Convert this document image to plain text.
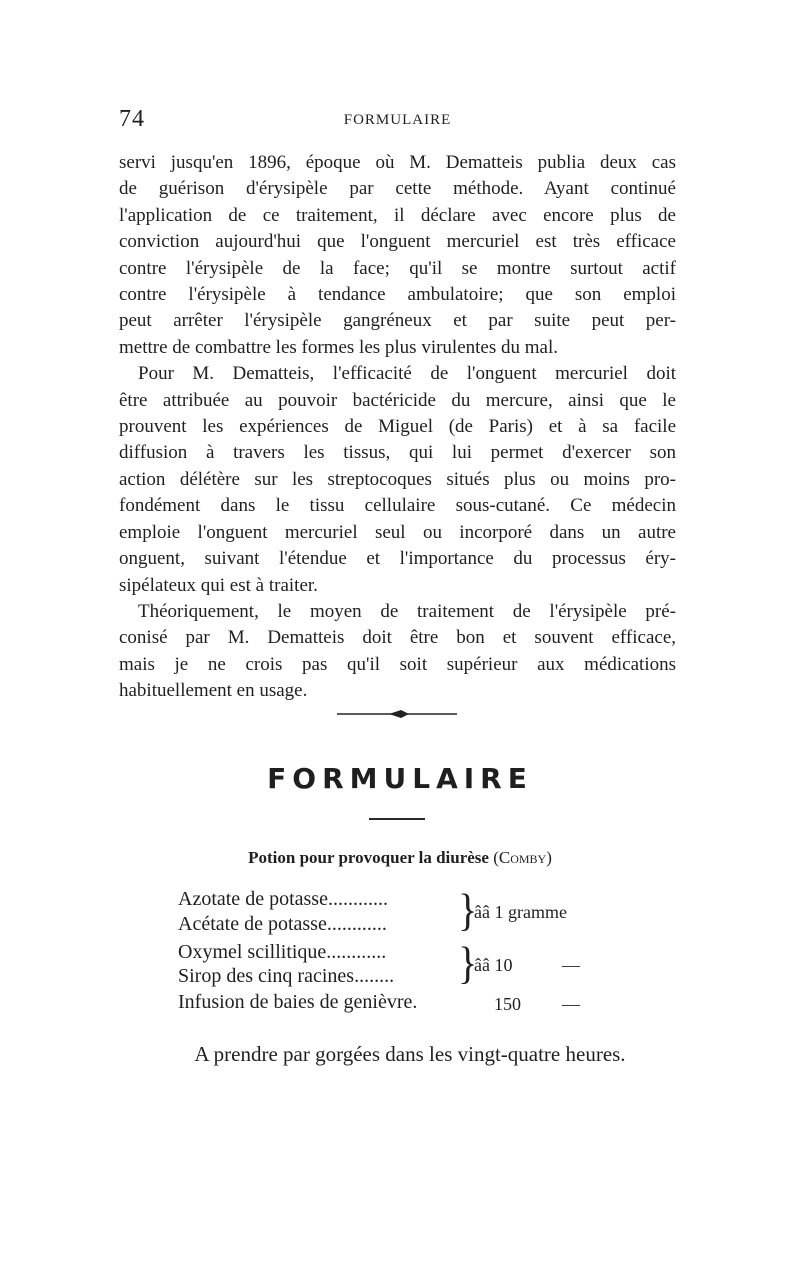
74	FORMULAIRE

servi jusqu'en 1896, époque où M. Dematteis publia deux cas
de guérison d'érysipèle par cette méthode. Ayant continué
l'application de ce traitement, il déclare avec encore plus de
conviction aujourd'hui que l'onguent mercuriel est très efficace
contre l'érysipèle de la face; qu'il se montre surtout actif
contre l'érysipèle à tendance ambulatoire; que son emploi
peut arrêter l'érysipèle gangréneux et par suite peut per-
mettre de combattre les formes les plus virulentes du mal.

Pour M. Dematteis, l'efficacité de l'onguent mercuriel doit
être attribuée au pouvoir bactéricide du mercure, ainsi que le
prouvent les expériences de Miguel (de Paris) et à sa facile
diffusion à travers les tissus, qui lui permet d'exercer son
action délétère sur les streptocoques situés plus ou moins pro-
fondément dans le tissu cellulaire sous-cutané. Ce médecin
emploie l'onguent mercuriel seul ou incorporé dans un autre
onguent, suivant l'étendue et l'importance du processus éry-
sipélateux qui est à traiter.

Théoriquement, le moyen de traitement de l'érysipèle pré-
conisé par M. Dematteis doit être bon et souvent efficace,
mais je ne crois pas qu'il soit supérieur aux médications
habituellement en usage.

FORMULAIRE
Potion pour provoquer la diurèse (Comby)
Azotate de potasse............
Acétate de potasse............ }
ââ 1 gramme
Oxymel scillitique............
Sirop des cinq racines........ }
ââ 10	—
Infusion de baies de genièvre.	150 —
A prendre par gorgées dans les vingt-quatre heures.
